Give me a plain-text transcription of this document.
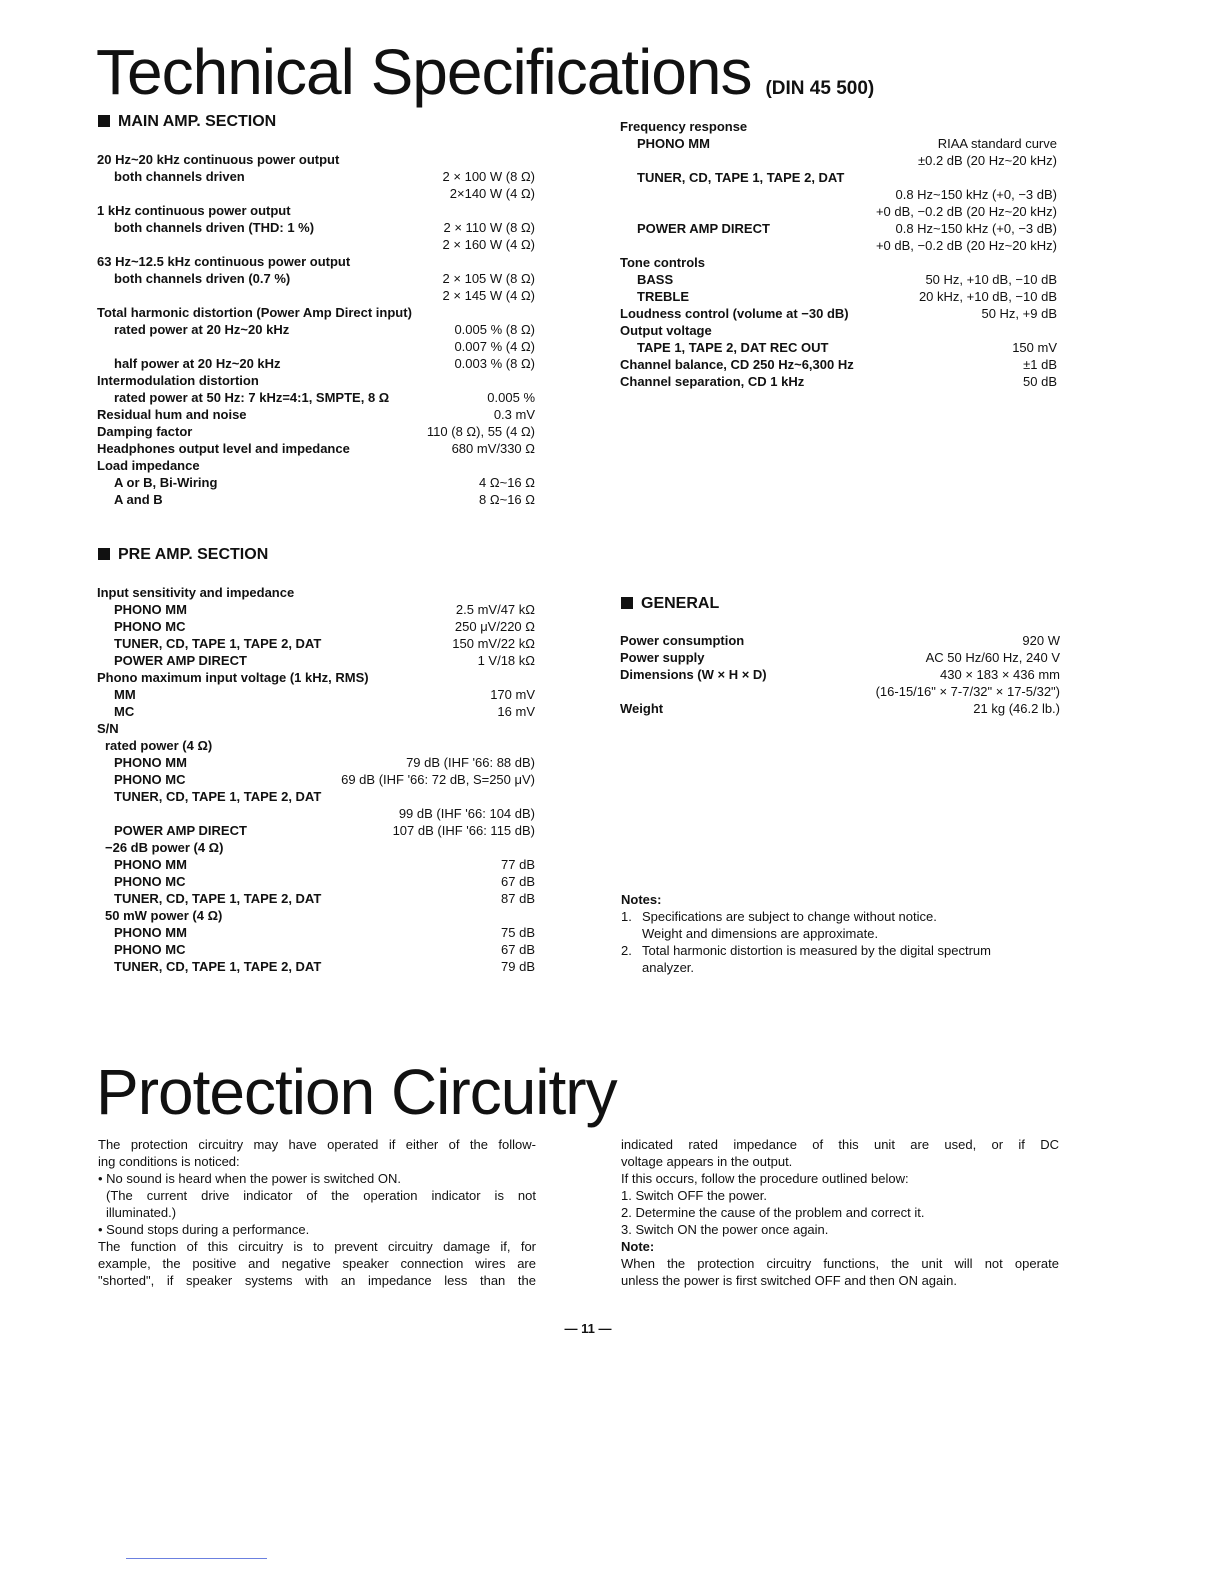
Technical Specifications (DIN 45 500)
MAIN AMP. SECTION
20 Hz~20 kHz continuous power output
both channels driven	2 × 100 W (8 Ω)
2×140 W (4 Ω)
1 kHz continuous power output
both channels driven (THD: 1 %)	2 × 110 W (8 Ω)
2 × 160 W (4 Ω)
63 Hz~12.5 kHz continuous power output
both channels driven (0.7 %)	2 × 105 W (8 Ω)
2 × 145 W (4 Ω)
Total harmonic distortion (Power Amp Direct input)
rated power at 20 Hz~20 kHz	0.005 % (8 Ω)
0.007 % (4 Ω)
half power at 20 Hz~20 kHz	0.003 % (8 Ω)
Intermodulation distortion
rated power at 50 Hz: 7 kHz=4:1, SMPTE, 8 Ω	0.005 %
Residual hum and noise	0.3 mV
Damping factor	110 (8 Ω), 55 (4 Ω)
Headphones output level and impedance	680 mV/330 Ω
Load impedance
A or B, Bi-Wiring	4 Ω~16 Ω
A and B	8 Ω~16 Ω
PRE AMP. SECTION
Input sensitivity and impedance
PHONO MM	2.5 mV/47 kΩ
PHONO MC	250 μV/220 Ω
TUNER, CD, TAPE 1, TAPE 2, DAT	150 mV/22 kΩ
POWER AMP DIRECT	1 V/18 kΩ
Phono maximum input voltage (1 kHz, RMS)
MM	170 mV
MC	16 mV
S/N
rated power (4 Ω)
PHONO MM	79 dB (IHF '66: 88 dB)
PHONO MC	69 dB (IHF '66: 72 dB, S=250 μV)
TUNER, CD, TAPE 1, TAPE 2, DAT
99 dB (IHF '66: 104 dB)
POWER AMP DIRECT	107 dB (IHF '66: 115 dB)
−26 dB power (4 Ω)
PHONO MM	77 dB
PHONO MC	67 dB
TUNER, CD, TAPE 1, TAPE 2, DAT	87 dB
50 mW power (4 Ω)
PHONO MM	75 dB
PHONO MC	67 dB
TUNER, CD, TAPE 1, TAPE 2, DAT	79 dB
Frequency response
PHONO MM	RIAA standard curve
±0.2 dB (20 Hz~20 kHz)
TUNER, CD, TAPE 1, TAPE 2, DAT
0.8 Hz~150 kHz (+0, −3 dB)
+0 dB, −0.2 dB (20 Hz~20 kHz)
POWER AMP DIRECT	0.8 Hz~150 kHz (+0, −3 dB)
+0 dB, −0.2 dB (20 Hz~20 kHz)
Tone controls
BASS	50 Hz, +10 dB, −10 dB
TREBLE	20 kHz, +10 dB, −10 dB
Loudness control (volume at −30 dB)	50 Hz, +9 dB
Output voltage
TAPE 1, TAPE 2, DAT REC OUT	150 mV
Channel balance, CD 250 Hz~6,300 Hz	±1 dB
Channel separation, CD 1 kHz	50 dB
GENERAL
Power consumption	920 W
Power supply	AC 50 Hz/60 Hz, 240 V
Dimensions (W × H × D)	430 × 183 × 436 mm
(16-15/16" × 7-7/32" × 17-5/32")
Weight	21 kg (46.2 lb.)
Notes:
1. Specifications are subject to change without notice.
Weight and dimensions are approximate.
2. Total harmonic distortion is measured by the digital spectrum
analyzer.
Protection Circuitry

The protection circuitry may have operated if either of the follow-

ing conditions is noticed:

• No sound is heard when the power is switched ON.

(The current drive indicator of the operation indicator is not

illuminated.)

• Sound stops during a performance.

The function of this circuitry is to prevent circuitry damage if, for

example, the positive and negative speaker connection wires are

"shorted", if speaker systems with an impedance less than the

indicated rated impedance of this unit are used, or if DC

voltage appears in the output.

If this occurs, follow the procedure outlined below:

1. Switch OFF the power.

2. Determine the cause of the problem and correct it.

3. Switch ON the power once again.

Note:

When the protection circuitry functions, the unit will not operate

unless the power is first switched OFF and then ON again.

— 11 —
